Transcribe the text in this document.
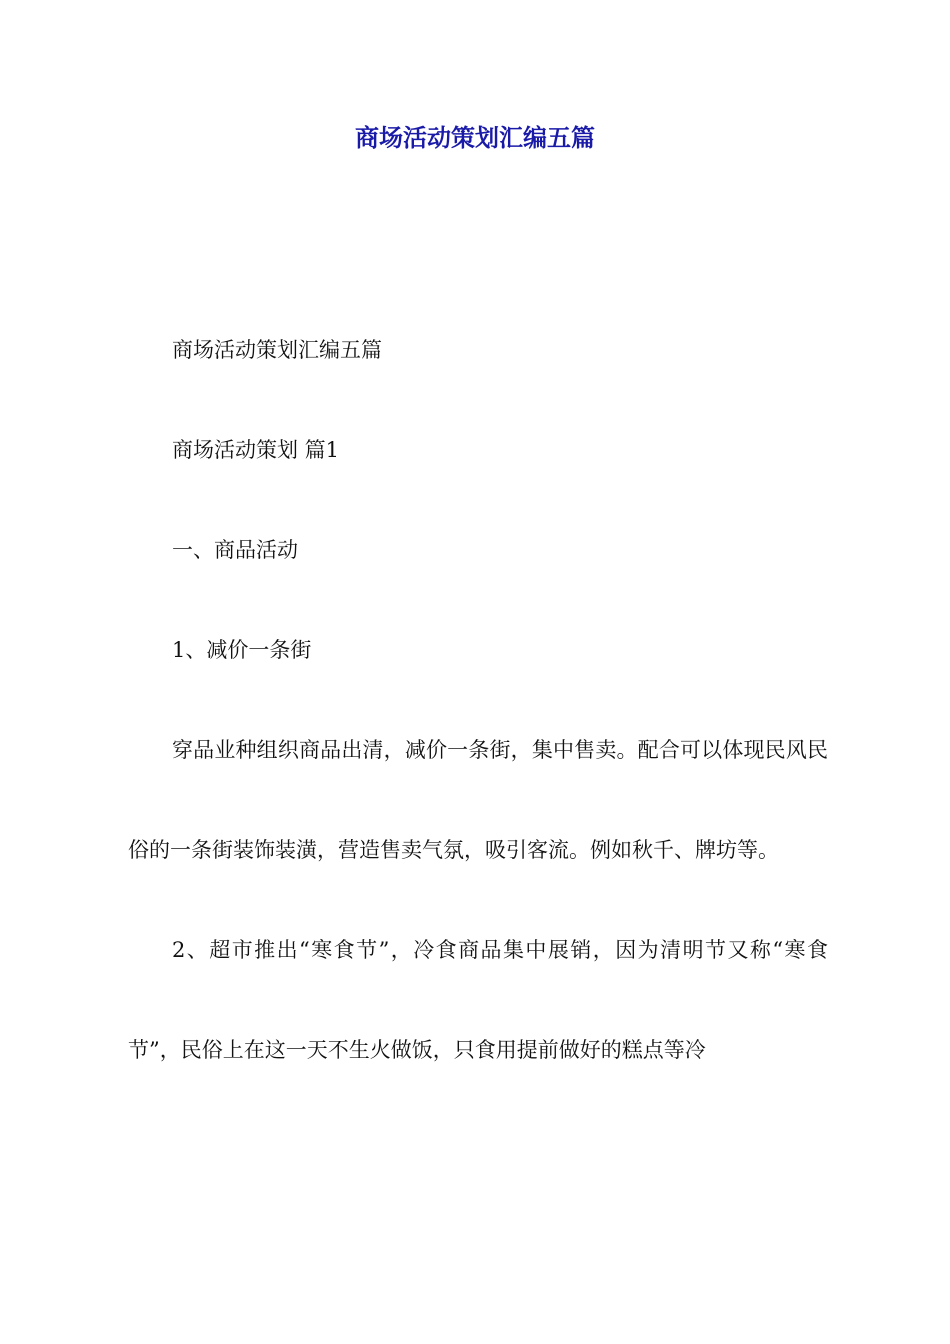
商场活动策划汇编五篇

商场活动策划汇编五篇

商场活动策划 篇1

一、商品活动

1、减价一条街

穿品业种组织商品出清，减价一条街，集中售卖。配合可以体现民风民俗的一条街装饰装潢，营造售卖气氛，吸引客流。例如秋千、牌坊等。

2、超市推出“寒食节”，冷食商品集中展销，因为清明节又称“寒食节”，民俗上在这一天不生火做饭，只食用提前做好的糕点等冷
